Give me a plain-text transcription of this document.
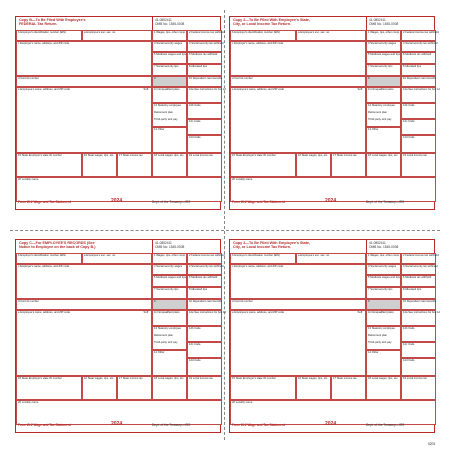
Copy B—To Be Filed With Employee's
FEDERAL Tax Return.
41-0852411
OMB No. 1545-0008
b Employer's identification number (EIN)	a Employee's soc. sec. no.	1 Wages, tips, other comp.	2 Federal income tax withheld
c Employer's name, address, and ZIP code	3 Social security wages	4 Social security tax withheld
5 Medicare wages and tips	6 Medicare tax withheld
7 Social security tips	8 Allocated tips
d Control number	9	10 Dependent care benefits
e Employee's name, address, and ZIP code	Suff.	11 Nonqualified plans	12a See instructions for box 12
13 Statutory employee
Retirement plan
Third-party sick pay
12b Code
14 Other
12c Code
12d Code
15 State Employer's state ID number	16 State wages, tips, etc.	17 State income tax	18 Local wages, tips, etc.	19 Local income tax
20 Locality name
Form W-2 Wage and Tax Statement	2024	Dept. of the Treasury—IRS
Copy 2—To Be Filed With Employee's State,
City, or Local Income Tax Return.
41-0852411
OMB No. 1545-0008
b Employer's identification number (EIN)	a Employee's soc. sec. no.	1 Wages, tips, other comp.	2 Federal income tax withheld
c Employer's name, address, and ZIP code	3 Social security wages	4 Social security tax withheld
5 Medicare wages and tips	6 Medicare tax withheld
7 Social security tips	8 Allocated tips
d Control number	9	10 Dependent care benefits
e Employee's name, address, and ZIP code	Suff.	11 Nonqualified plans	12a See instructions for box 12
13 Statutory employee
Retirement plan
Third-party sick pay
12b Code
14 Other
12c Code
12d Code
15 State Employer's state ID number	16 State wages, tips, etc.	17 State income tax	18 Local wages, tips, etc.	19 Local income tax
20 Locality name
Form W-2 Wage and Tax Statement	2024	Dept. of the Treasury—IRS
Copy C—For EMPLOYEE'S RECORDS (See
Notice to Employee on the back of Copy B.)
41-0852411
OMB No. 1545-0008
b Employer's identification number (EIN)	a Employee's soc. sec. no.	1 Wages, tips, other comp.	2 Federal income tax withheld
c Employer's name, address, and ZIP code	3 Social security wages	4 Social security tax withheld
5 Medicare wages and tips	6 Medicare tax withheld
7 Social security tips	8 Allocated tips
d Control number	9	10 Dependent care benefits
e Employee's name, address, and ZIP code	Suff.	11 Nonqualified plans	12a See instructions for box 12
13 Statutory employee
Retirement plan
Third-party sick pay
12b Code
14 Other
12c Code
12d Code
15 State Employer's state ID number	16 State wages, tips, etc.	17 State income tax	18 Local wages, tips, etc.	19 Local income tax
20 Locality name
Form W-2 Wage and Tax Statement	2024	Dept. of the Treasury—IRS
Copy 2—To Be Filed With Employee's State,
City, or Local Income Tax Return.
41-0852411
OMB No. 1545-0008
b Employer's identification number (EIN)	a Employee's soc. sec. no.	1 Wages, tips, other comp.	2 Federal income tax withheld
c Employer's name, address, and ZIP code	3 Social security wages	4 Social security tax withheld
5 Medicare wages and tips	6 Medicare tax withheld
7 Social security tips	8 Allocated tips
d Control number	9	10 Dependent care benefits
e Employee's name, address, and ZIP code	Suff.	11 Nonqualified plans	12a See instructions for box 12
13 Statutory employee
Retirement plan
Third-party sick pay
12b Code
14 Other
12c Code
12d Code
15 State Employer's state ID number	16 State wages, tips, etc.	17 State income tax	18 Local wages, tips, etc.	19 Local income tax
20 Locality name
Form W-2 Wage and Tax Statement	2024	Dept. of the Treasury—IRS
5205
